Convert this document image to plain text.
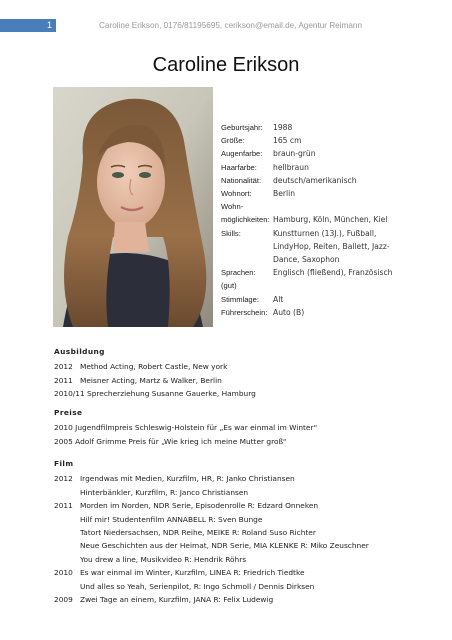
1	Caroline Erikson, 0176/81195695, cerikson@email.de, Agentur Reimann
Caroline Erikson
Geburtsjahr:	1988
Größe:	165 cm
Augenfarbe:	braun-grün
Haarfarbe:	hellbraun
Nationalität:	deutsch/amerikanisch
Wohnort:	Berlin
Wohn-
möglichkeiten: Hamburg, Köln, München, Kiel
Skills:	Kunstturnen (13J.), Fußball,
LindyHop, Reiten, Ballett, Jazz-
Dance, Saxophon
Sprachen:	Englisch (fließend), Französisch
(gut)
Stimmlage:	Alt
Führerschein: Auto (B)
Ausbildung
2012 Method Acting, Robert Castle, New york
2011 Meisner Acting, Martz & Walker, Berlin
2010/11 Sprecherziehung Susanne Gauerke, Hamburg
Preise
2010 Jugendfilmpreis Schleswig-Holstein für „Es war einmal im Winter“
2005 Adolf Grimme Preis für „Wie krieg ich meine Mutter groß“
Film
2012 Irgendwas mit Medien, Kurzfilm, HR, R: Janko Christiansen
Hinterbänkler, Kurzfilm, R: Janco Christiansen
2011 Morden im Norden, NDR Serie, Episodenrolle R: Edzard Onneken
Hilf mir! Studentenfilm ANNABELL R: Sven Bunge
Tatort Niedersachsen, NDR Reihe, MEIKE R: Roland Suso Richter
Neue Geschichten aus der Heimat, NDR Serie, MIA KLENKE R: Miko Zeuschner
You drew a line, Musikvideo R: Hendrik Röhrs
2010 Es war einmal im Winter, Kurzfilm, LINEA R: Friedrich Tiedtke
Und alles so Yeah, Serienpilot, R: Ingo Schmoll / Dennis Dirksen
2009 Zwei Tage an einem, Kurzfilm, JANA R: Felix Ludewig
